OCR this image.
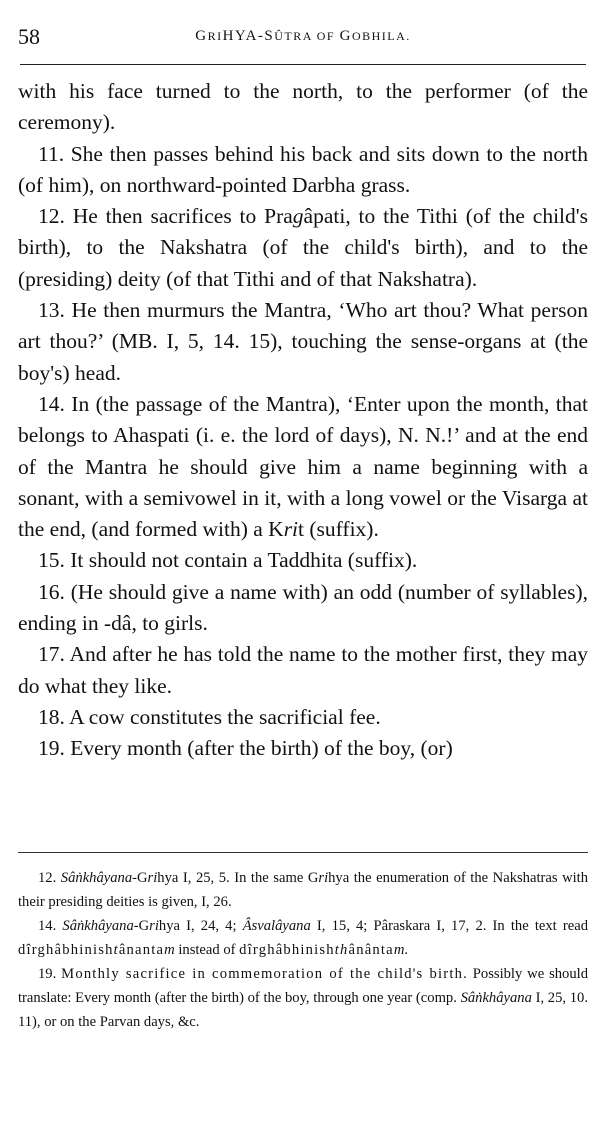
58	GRIHYA-SÛTRA OF GOBHILA.

with his face turned to the north, to the performer (of the ceremony).

11. She then passes behind his back and sits down to the north (of him), on northward-pointed Darbha grass.

12. He then sacrifices to Pragâpati, to the Tithi (of the child's birth), to the Nakshatra (of the child's birth), and to the (presiding) deity (of that Tithi and of that Nakshatra).

13. He then murmurs the Mantra, ‘Who art thou? What person art thou?’ (MB. I, 5, 14. 15), touching the sense-organs at (the boy's) head.

14. In (the passage of the Mantra), ‘Enter upon the month, that belongs to Ahaspati (i. e. the lord of days), N. N.!’ and at the end of the Mantra he should give him a name beginning with a sonant, with a semivowel in it, with a long vowel or the Visarga at the end, (and formed with) a Krit (suffix).

15. It should not contain a Taddhita (suffix).

16. (He should give a name with) an odd (number of syllables), ending in -dâ, to girls.

17. And after he has told the name to the mother first, they may do what they like.

18. A cow constitutes the sacrificial fee.

19. Every month (after the birth) of the boy, (or)

12. Sâṅkhâyana-Grihya I, 25, 5. In the same Grihya the enumeration of the Nakshatras with their presiding deities is given, I, 26.

14. Sâṅkhâyana-Grihya I, 24, 4; Âsvalâyana I, 15, 4; Pâraskara I, 17, 2. In the text read dîrghâbhinishtânantam instead of dîrghâbhinishthânântam.

19. Monthly sacrifice in commemoration of the child's birth. Possibly we should translate: Every month (after the birth) of the boy, through one year (comp. Sâṅkhâyana I, 25, 10. 11), or on the Parvan days, &c.
